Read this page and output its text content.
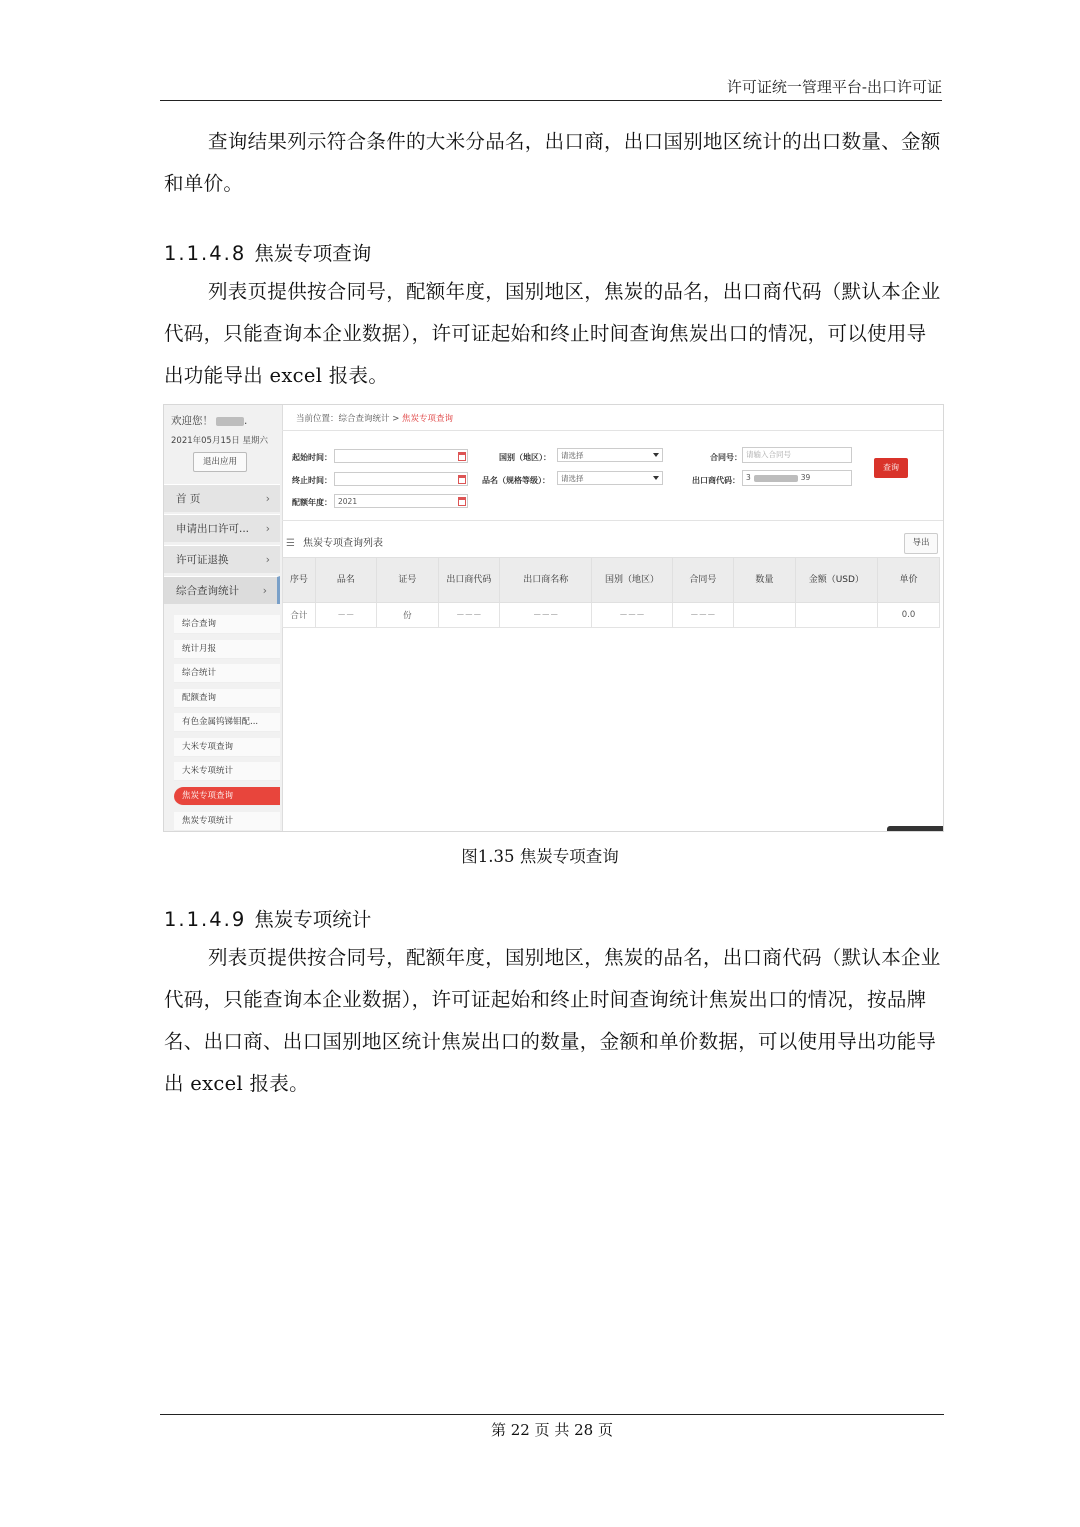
许可证统一管理平台-出口许可证
查询结果列示符合条件的大米分品名，出口商，出口国别地区统计的出口数量、金额和单价。
1.1.4.8 焦炭专项查询
列表页提供按合同号，配额年度，国别地区，焦炭的品名，出口商代码（默认本企业代码，只能查询本企业数据），许可证起始和终止时间查询焦炭出口的情况，可以使用导出功能导出 excel 报表。
欢迎您！	.
2021年05月15日 星期六
退出应用
首 页	›
申请出口许可... ›
许可证退换	›
综合查询统计 ›
综合查询
统计月报
综合统计
配额查询
有色金属钨锑钼配...
大米专项查询
大米专项统计
焦炭专项查询
焦炭专项统计
当前位置：综合查询统计 > 焦炭专项查询
起始时间：
终止时间：
配额年度： 2021
国别（地区）：	请选择
品名（规格等级）：	请选择
合同号： 请输入合同号
出口商代码： 3	39
查询
☰ 焦炭专项查询列表	导出
序号	品名	证号	出口商代码	出口商名称	国别（地区）	合同号	数量	金额（USD）	单价
合计	－－	份	－－－	－－－	－－－	－－－			0.0
图1.35 焦炭专项查询
1.1.4.9 焦炭专项统计
列表页提供按合同号，配额年度，国别地区，焦炭的品名，出口商代码（默认本企业代码，只能查询本企业数据），许可证起始和终止时间查询统计焦炭出口的情况，按品牌名、出口商、出口国别地区统计焦炭出口的数量，金额和单价数据，可以使用导出功能导出 excel 报表。
第 22 页 共 28 页
